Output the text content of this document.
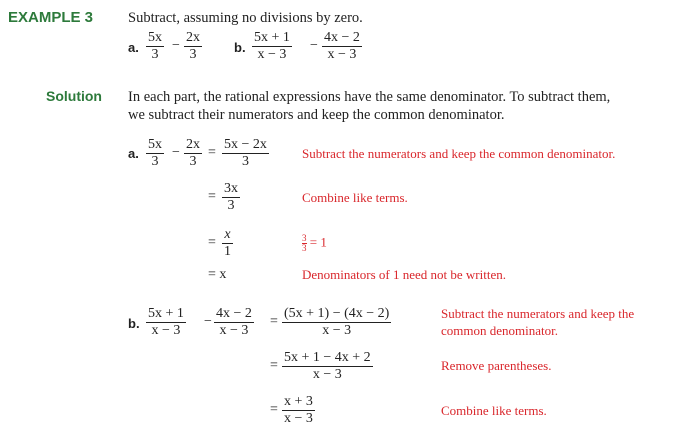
EXAMPLE 3 Subtract, assuming no divisions by zero.
a. $\frac{5x}{3} - \frac{2x}{3} b$. $\frac{5x + 1}{x - 3} - \frac{4x - 2}{x - 3}$
Solution In each part, the rational expressions have the same denominator. To subtract them,
we subtract their numerators and keep the common denominator.
a. $\frac{5x}{3} - \frac{2x}{3} = \frac{5x - 2x}{3}$	Subtract the numerators and keep the common denominator.
= $\frac{3x}{3}$	Combine like terms.
= $\frac{x}{1}$	$\frac{3}{3} = 1$
= x	Denominators of 1 need not be written.
b. $\frac{5x + 1}{x - 3} - \frac{4x - 2}{x - 3} = \frac{(5x + 1) - (4x - 2)}{x - 3}$	Subtract the numerators and keep the
common denominator.
= $\frac{5x + 1 - 4x + 2}{x - 3}$	Remove parentheses.
= $\frac{x + 3}{x - 3}$	Combine like terms.
